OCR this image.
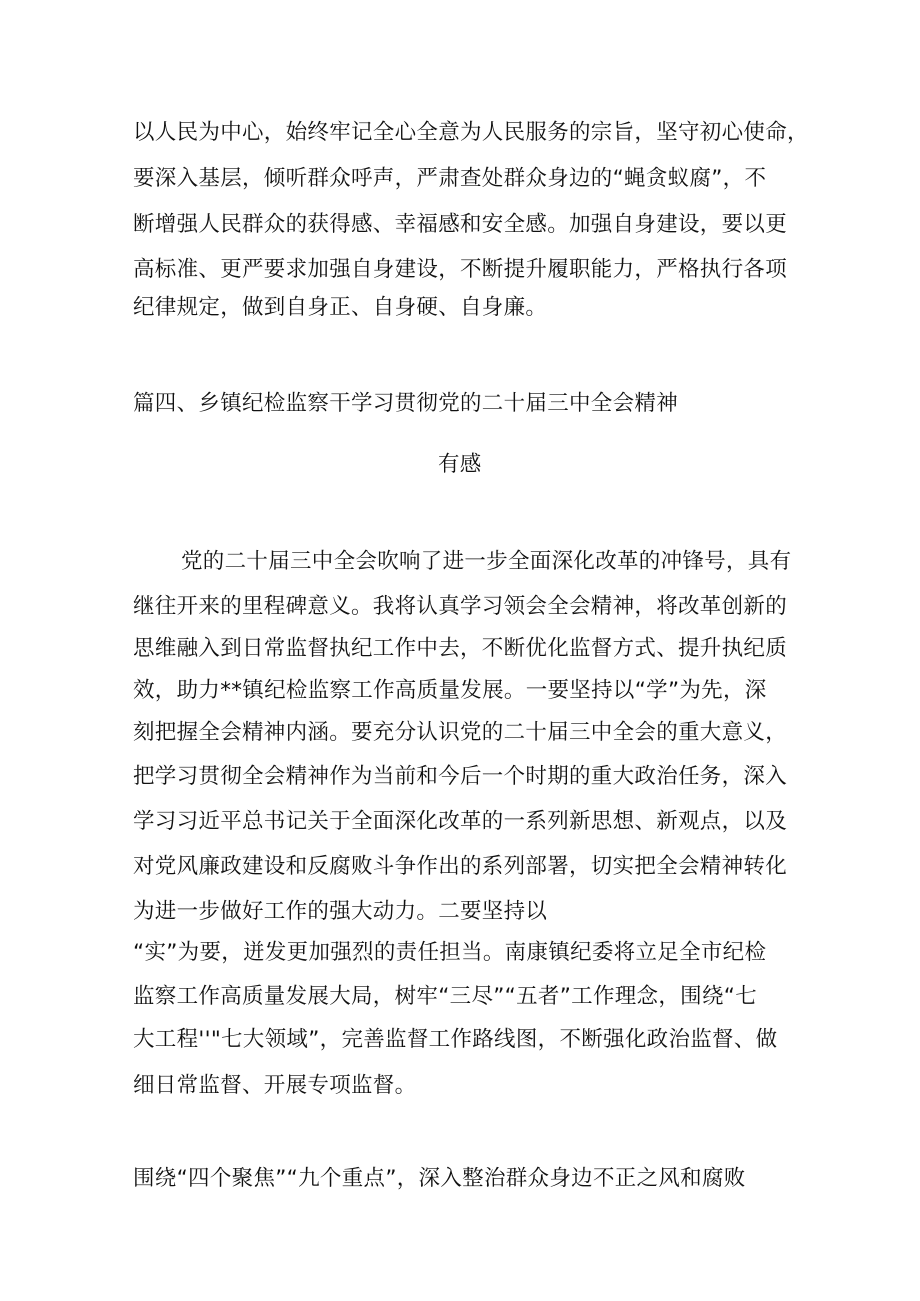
以人民为中心，始终牢记全心全意为人民服务的宗旨，坚守初心使命，
要深入基层，倾听群众呼声，严肃查处群众身边的“蝇贪蚁腐”，不
断增强人民群众的获得感、幸福感和安全感。加强自身建设，要以更
高标准、更严要求加强自身建设，不断提升履职能力，严格执行各项
纪律规定，做到自身正、自身硬、自身廉。
篇四、乡镇纪检监察干学习贯彻党的二十届三中全会精神
有感
党的二十届三中全会吹响了进一步全面深化改革的冲锋号，具有
继往开来的里程碑意义。我将认真学习领会全会精神，将改革创新的
思维融入到日常监督执纪工作中去，不断优化监督方式、提升执纪质
效，助力**镇纪检监察工作高质量发展。一要坚持以“学”为先，深
刻把握全会精神内涵。要充分认识党的二十届三中全会的重大意义，
把学习贯彻全会精神作为当前和今后一个时期的重大政治任务，深入
学习习近平总书记关于全面深化改革的一系列新思想、新观点，以及
对党风廉政建设和反腐败斗争作出的系列部署，切实把全会精神转化
为进一步做好工作的强大动力。二要坚持以
“实”为要，迸发更加强烈的责任担当。南康镇纪委将立足全市纪检
监察工作高质量发展大局，树牢“三尽”“五者”工作理念，围绕“七
大工程''"七大领域”，完善监督工作路线图，不断强化政治监督、做
细日常监督、开展专项监督。
围绕“四个聚焦”“九个重点”，深入整治群众身边不正之风和腐败
